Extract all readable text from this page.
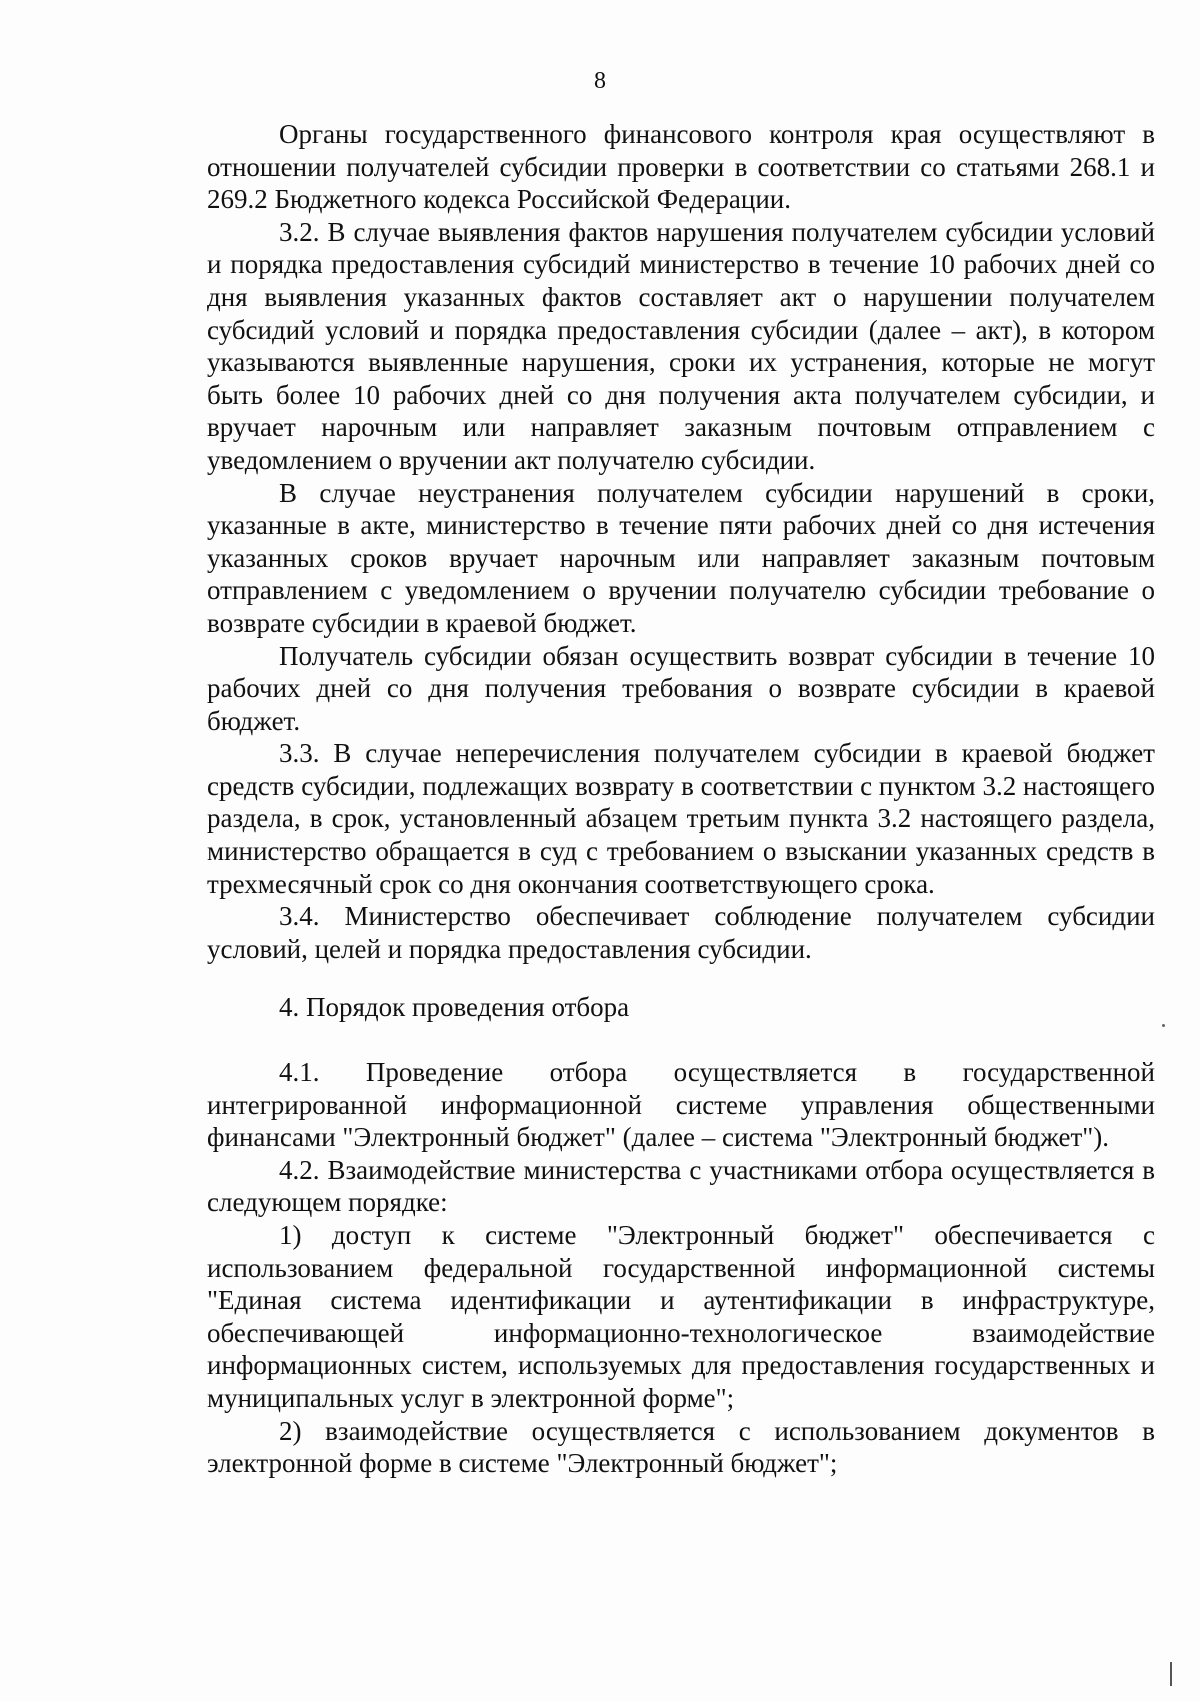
8

Органы государственного финансового контроля края осуществляют в отношении получателей субсидии проверки в соответствии со статьями 268.1 и 269.2 Бюджетного кодекса Российской Федерации.

3.2. В случае выявления фактов нарушения получателем субсидии условий и порядка предоставления субсидий министерство в течение 10 рабочих дней со дня выявления указанных фактов составляет акт о нарушении получателем субсидий условий и порядка предоставления субсидии (далее – акт), в котором указываются выявленные нарушения, сроки их устранения, которые не могут быть более 10 рабочих дней со дня получения акта получателем субсидии, и вручает нарочным или направляет заказным почтовым отправлением с уведомлением о вручении акт получателю субсидии.

В случае неустранения получателем субсидии нарушений в сроки, указанные в акте, министерство в течение пяти рабочих дней со дня истечения указанных сроков вручает нарочным или направляет заказным почтовым отправлением с уведомлением о вручении получателю субсидии требование о возврате субсидии в краевой бюджет.

Получатель субсидии обязан осуществить возврат субсидии в течение 10 рабочих дней со дня получения требования о возврате субсидии в краевой бюджет.

3.3. В случае неперечисления получателем субсидии в краевой бюджет средств субсидии, подлежащих возврату в соответствии с пунктом 3.2 настоящего раздела, в срок, установленный абзацем третьим пункта 3.2 настоящего раздела, министерство обращается в суд с требованием о взыскании указанных средств в трехмесячный срок со дня окончания соответствующего срока.

3.4. Министерство обеспечивает соблюдение получателем субсидии условий, целей и порядка предоставления субсидии.

4. Порядок проведения отбора

4.1. Проведение отбора осуществляется в государственной интегрированной информационной системе управления общественными финансами "Электронный бюджет" (далее – система "Электронный бюджет").

4.2. Взаимодействие министерства с участниками отбора осуществляется в следующем порядке:

1) доступ к системе "Электронный бюджет" обеспечивается с использованием федеральной государственной информационной системы "Единая система идентификации и аутентификации в инфраструктуре, обеспечивающей информационно-технологическое взаимодействие информационных систем, используемых для предоставления государственных и муниципальных услуг в электронной форме";

2) взаимодействие осуществляется с использованием документов в электронной форме в системе "Электронный бюджет";
